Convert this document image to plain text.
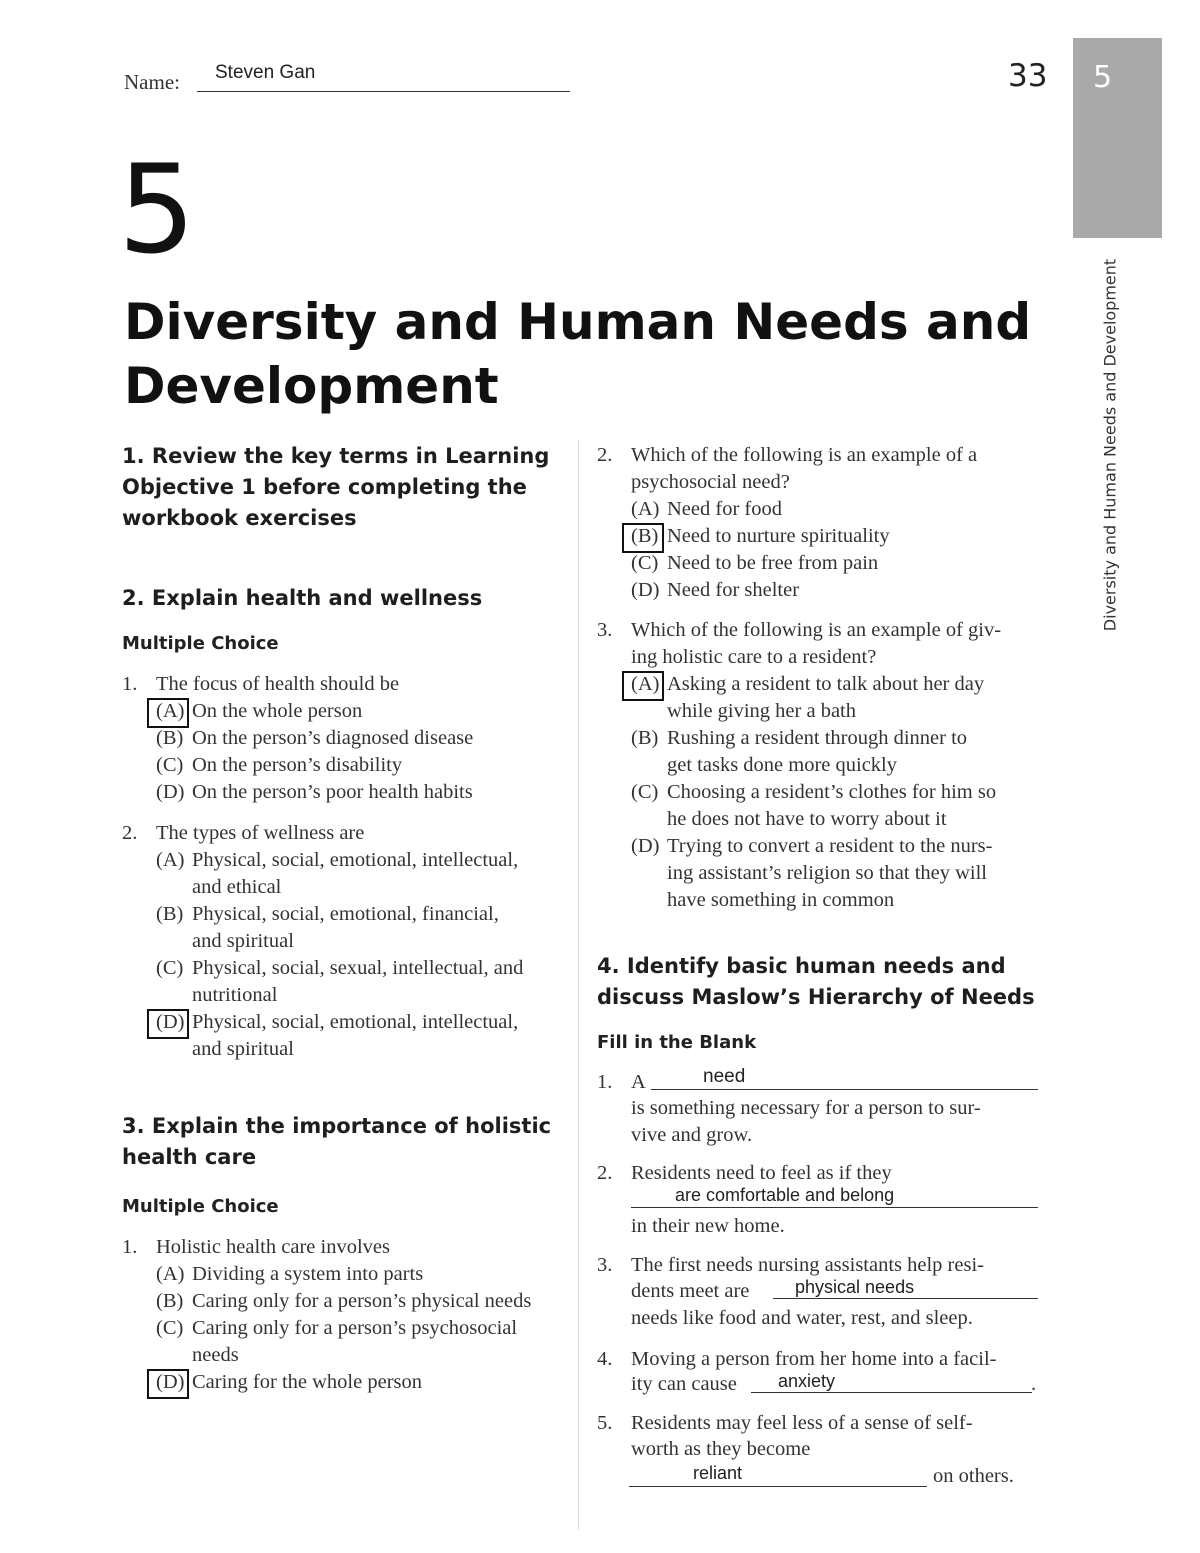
Name: Steven Gan	33 5
Diversity and Human Needs and Development
5
Diversity and Human Needs and
Development
1. Review the key terms in Learning
Objective 1 before completing the
workbook exercises
2. Explain health and wellness
Multiple Choice
1. The focus of health should be
(A) On the whole person
(B) On the person’s diagnosed disease
(C) On the person’s disability
(D) On the person’s poor health habits
2. The types of wellness are
(A) Physical, social, emotional, intellectual,
and ethical
(B) Physical, social, emotional, financial,
and spiritual
(C) Physical, social, sexual, intellectual, and
nutritional
(D) Physical, social, emotional, intellectual,
and spiritual
3. Explain the importance of holistic
health care
Multiple Choice
1. Holistic health care involves
(A) Dividing a system into parts
(B) Caring only for a person’s physical needs
(C) Caring only for a person’s psychosocial
needs
(D) Caring for the whole person
2. Which of the following is an example of a
psychosocial need?
(A) Need for food
(B) Need to nurture spirituality
(C) Need to be free from pain
(D) Need for shelter
3. Which of the following is an example of giv-
ing holistic care to a resident?
(A) Asking a resident to talk about her day
while giving her a bath
(B) Rushing a resident through dinner to
get tasks done more quickly
(C) Choosing a resident’s clothes for him so
he does not have to worry about it
(D) Trying to convert a resident to the nurs-
ing assistant’s religion so that they will
have something in common
4. Identify basic human needs and
discuss Maslow’s Hierarchy of Needs
Fill in the Blank
1. A	need
is something necessary for a person to sur-
vive and grow.
2. Residents need to feel as if they
are comfortable and belong
in their new home.
3. The first needs nursing assistants help resi-
dents meet are	physical needs
needs like food and water, rest, and sleep.
4. Moving a person from her home into a facil-
ity can cause anxiety	.
5. Residents may feel less of a sense of self-
worth as they become
reliant	on others.
